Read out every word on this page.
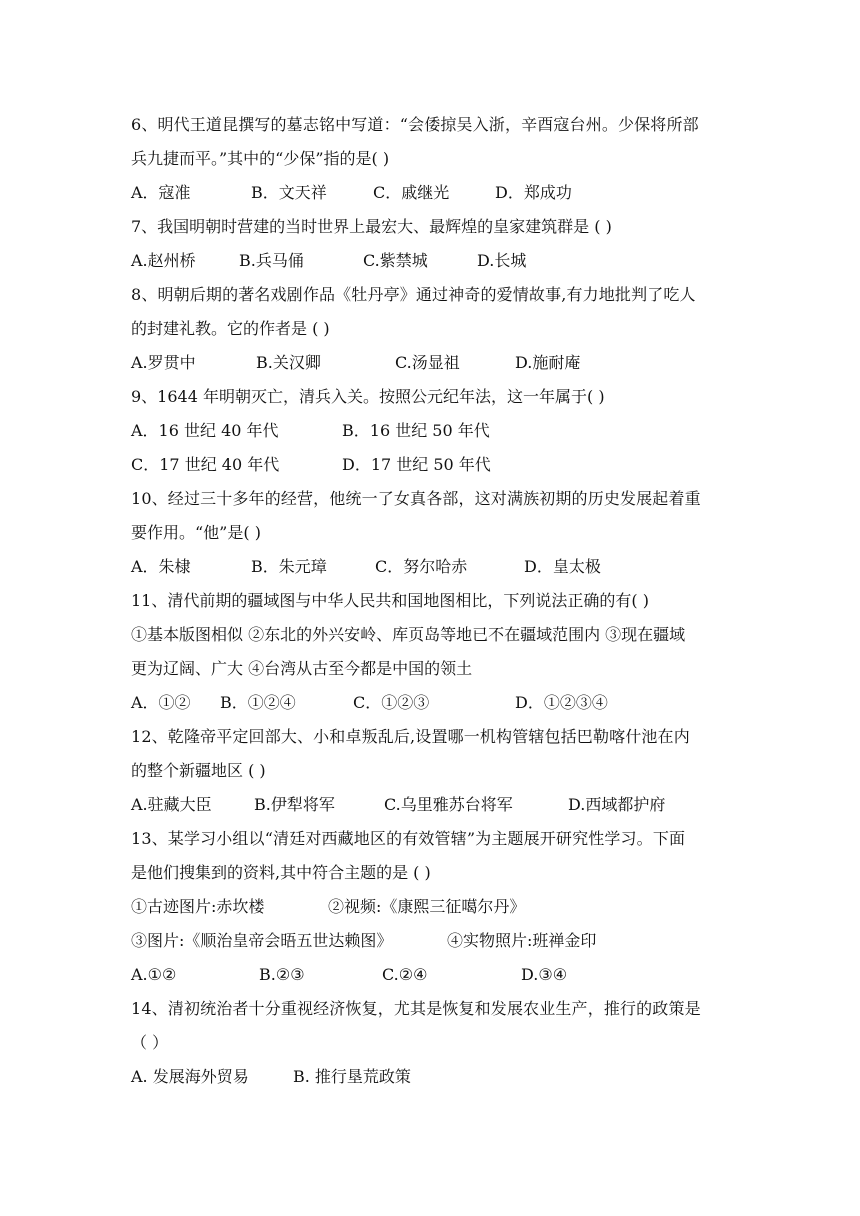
6、明代王道昆撰写的墓志铭中写道：“会倭掠吴入浙，辛酉寇台州。少保将所部
兵九捷而平。”其中的“少保”指的是( )
A．寇准	B．文天祥	C．戚继光	D．郑成功
7、我国明朝时营建的当时世界上最宏大、最辉煌的皇家建筑群是 ( )
A.赵州桥	B.兵马俑	C.紫禁城	D.长城
8、明朝后期的著名戏剧作品《牡丹亭》通过神奇的爱情故事,有力地批判了吃人
的封建礼教。它的作者是 ( )
A.罗贯中	B.关汉卿	C.汤显祖	D.施耐庵
9、1644 年明朝灭亡，清兵入关。按照公元纪年法，这一年属于( )
A．16 世纪 40 年代	B．16 世纪 50 年代
C．17 世纪 40 年代	D．17 世纪 50 年代
10、经过三十多年的经营，他统一了女真各部，这对满族初期的历史发展起着重
要作用。“他”是( )
A．朱棣	B．朱元璋	C．努尔哈赤	D．皇太极
11、清代前期的疆域图与中华人民共和国地图相比，下列说法正确的有( )
①基本版图相似 ②东北的外兴安岭、库页岛等地已不在疆域范围内 ③现在疆域
更为辽阔、广大 ④台湾从古至今都是中国的领土
A．①② B．①②④	C．①②③	D．①②③④
12、乾隆帝平定回部大、小和卓叛乱后,设置哪一机构管辖包括巴勒喀什池在内
的整个新疆地区 ( )
A.驻藏大臣	B.伊犁将军	C.乌里雅苏台将军	D.西域都护府
13、某学习小组以“清廷对西藏地区的有效管辖”为主题展开研究性学习。下面
是他们搜集到的资料,其中符合主题的是 ( )
①古迹图片:赤坎楼	②视频:《康熙三征噶尔丹》
③图片:《顺治皇帝会晤五世达赖图》	④实物照片:班禅金印
A.①②	B.②③	C.②④	D.③④
14、清初统治者十分重视经济恢复，尤其是恢复和发展农业生产，推行的政策是
（ ）
A. 发展海外贸易	B. 推行垦荒政策
